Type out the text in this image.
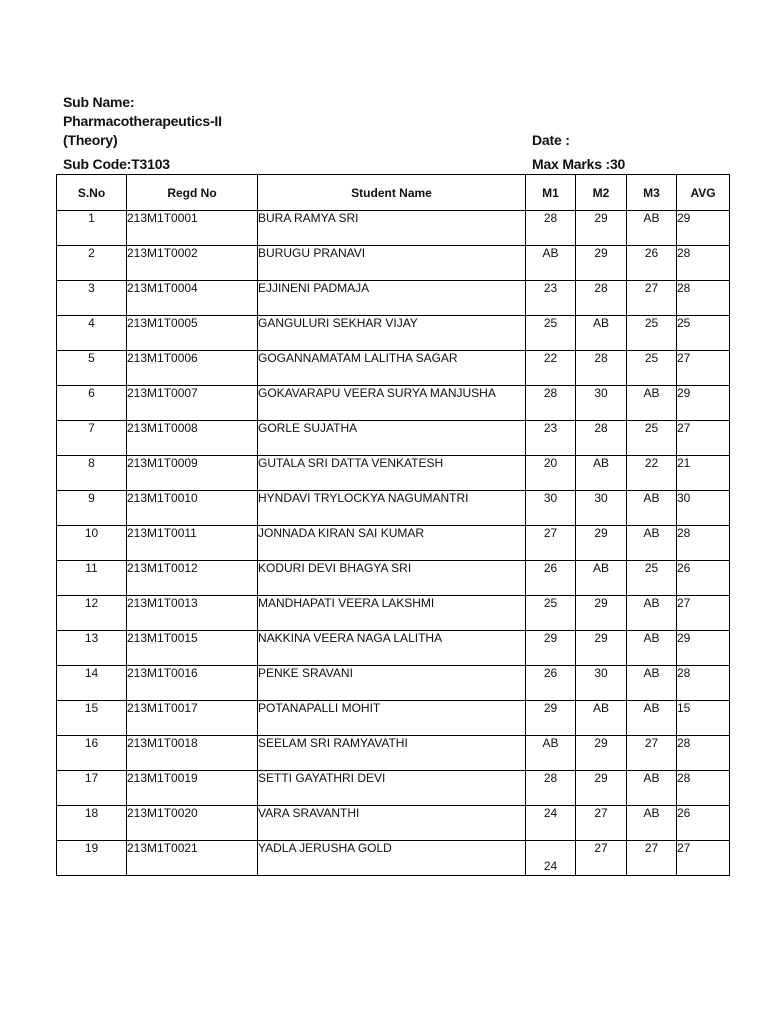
Sub Name:
Pharmacotherapeutics-II
(Theory)
Sub Code:T3103
Date :
Max Marks :30
S.No	Regd No	Student Name	M1	M2	M3	AVG
1	213M1T0001	BURA RAMYA SRI	28	29	AB	29
2	213M1T0002	BURUGU PRANAVI	AB	29	26	28
3	213M1T0004	EJJINENI PADMAJA	23	28	27	28
4	213M1T0005	GANGULURI SEKHAR VIJAY	25	AB	25	25
5	213M1T0006	GOGANNAMATAM LALITHA SAGAR	22	28	25	27
6	213M1T0007	GOKAVARAPU VEERA SURYA MANJUSHA	28	30	AB	29
7	213M1T0008	GORLE SUJATHA	23	28	25	27
8	213M1T0009	GUTALA SRI DATTA VENKATESH	20	AB	22	21
9	213M1T0010	HYNDAVI TRYLOCKYA NAGUMANTRI	30	30	AB	30
10	213M1T0011	JONNADA KIRAN SAI KUMAR	27	29	AB	28
11	213M1T0012	KODURI DEVI BHAGYA SRI	26	AB	25	26
12	213M1T0013	MANDHAPATI VEERA LAKSHMI	25	29	AB	27
13	213M1T0015	NAKKINA VEERA NAGA LALITHA	29	29	AB	29
14	213M1T0016	PENKE SRAVANI	26	30	AB	28
15	213M1T0017	POTANAPALLI MOHIT	29	AB	AB	15
16	213M1T0018	SEELAM SRI RAMYAVATHI	AB	29	27	28
17	213M1T0019	SETTI GAYATHRI DEVI	28	29	AB	28
18	213M1T0020	VARA SRAVANTHI	24	27	AB	26
19	213M1T0021	YADLA JERUSHA GOLD	24	27	27	27
